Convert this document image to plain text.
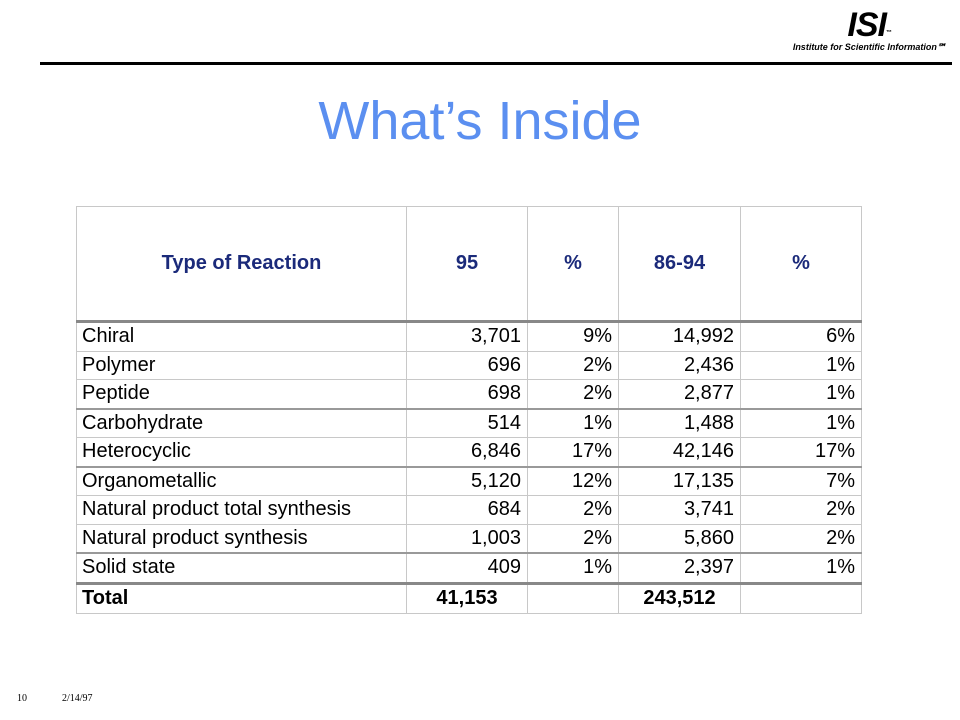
ISI ™
Institute for Scientific Information℠
What’s Inside
Type of Reaction	95	%	86-94	%
Chiral	3,701	9%	14,992	6%
Polymer	696	2%	2,436	1%
Peptide	698	2%	2,877	1%
Carbohydrate	514	1%	1,488	1%
Heterocyclic	6,846	17%	42,146	17%
Organometallic	5,120	12%	17,135	7%
Natural product total synthesis	684	2%	3,741	2%
Natural product synthesis	1,003	2%	5,860	2%
Solid state	409	1%	2,397	1%
Total	41,153		243,512	
10	2/14/97
